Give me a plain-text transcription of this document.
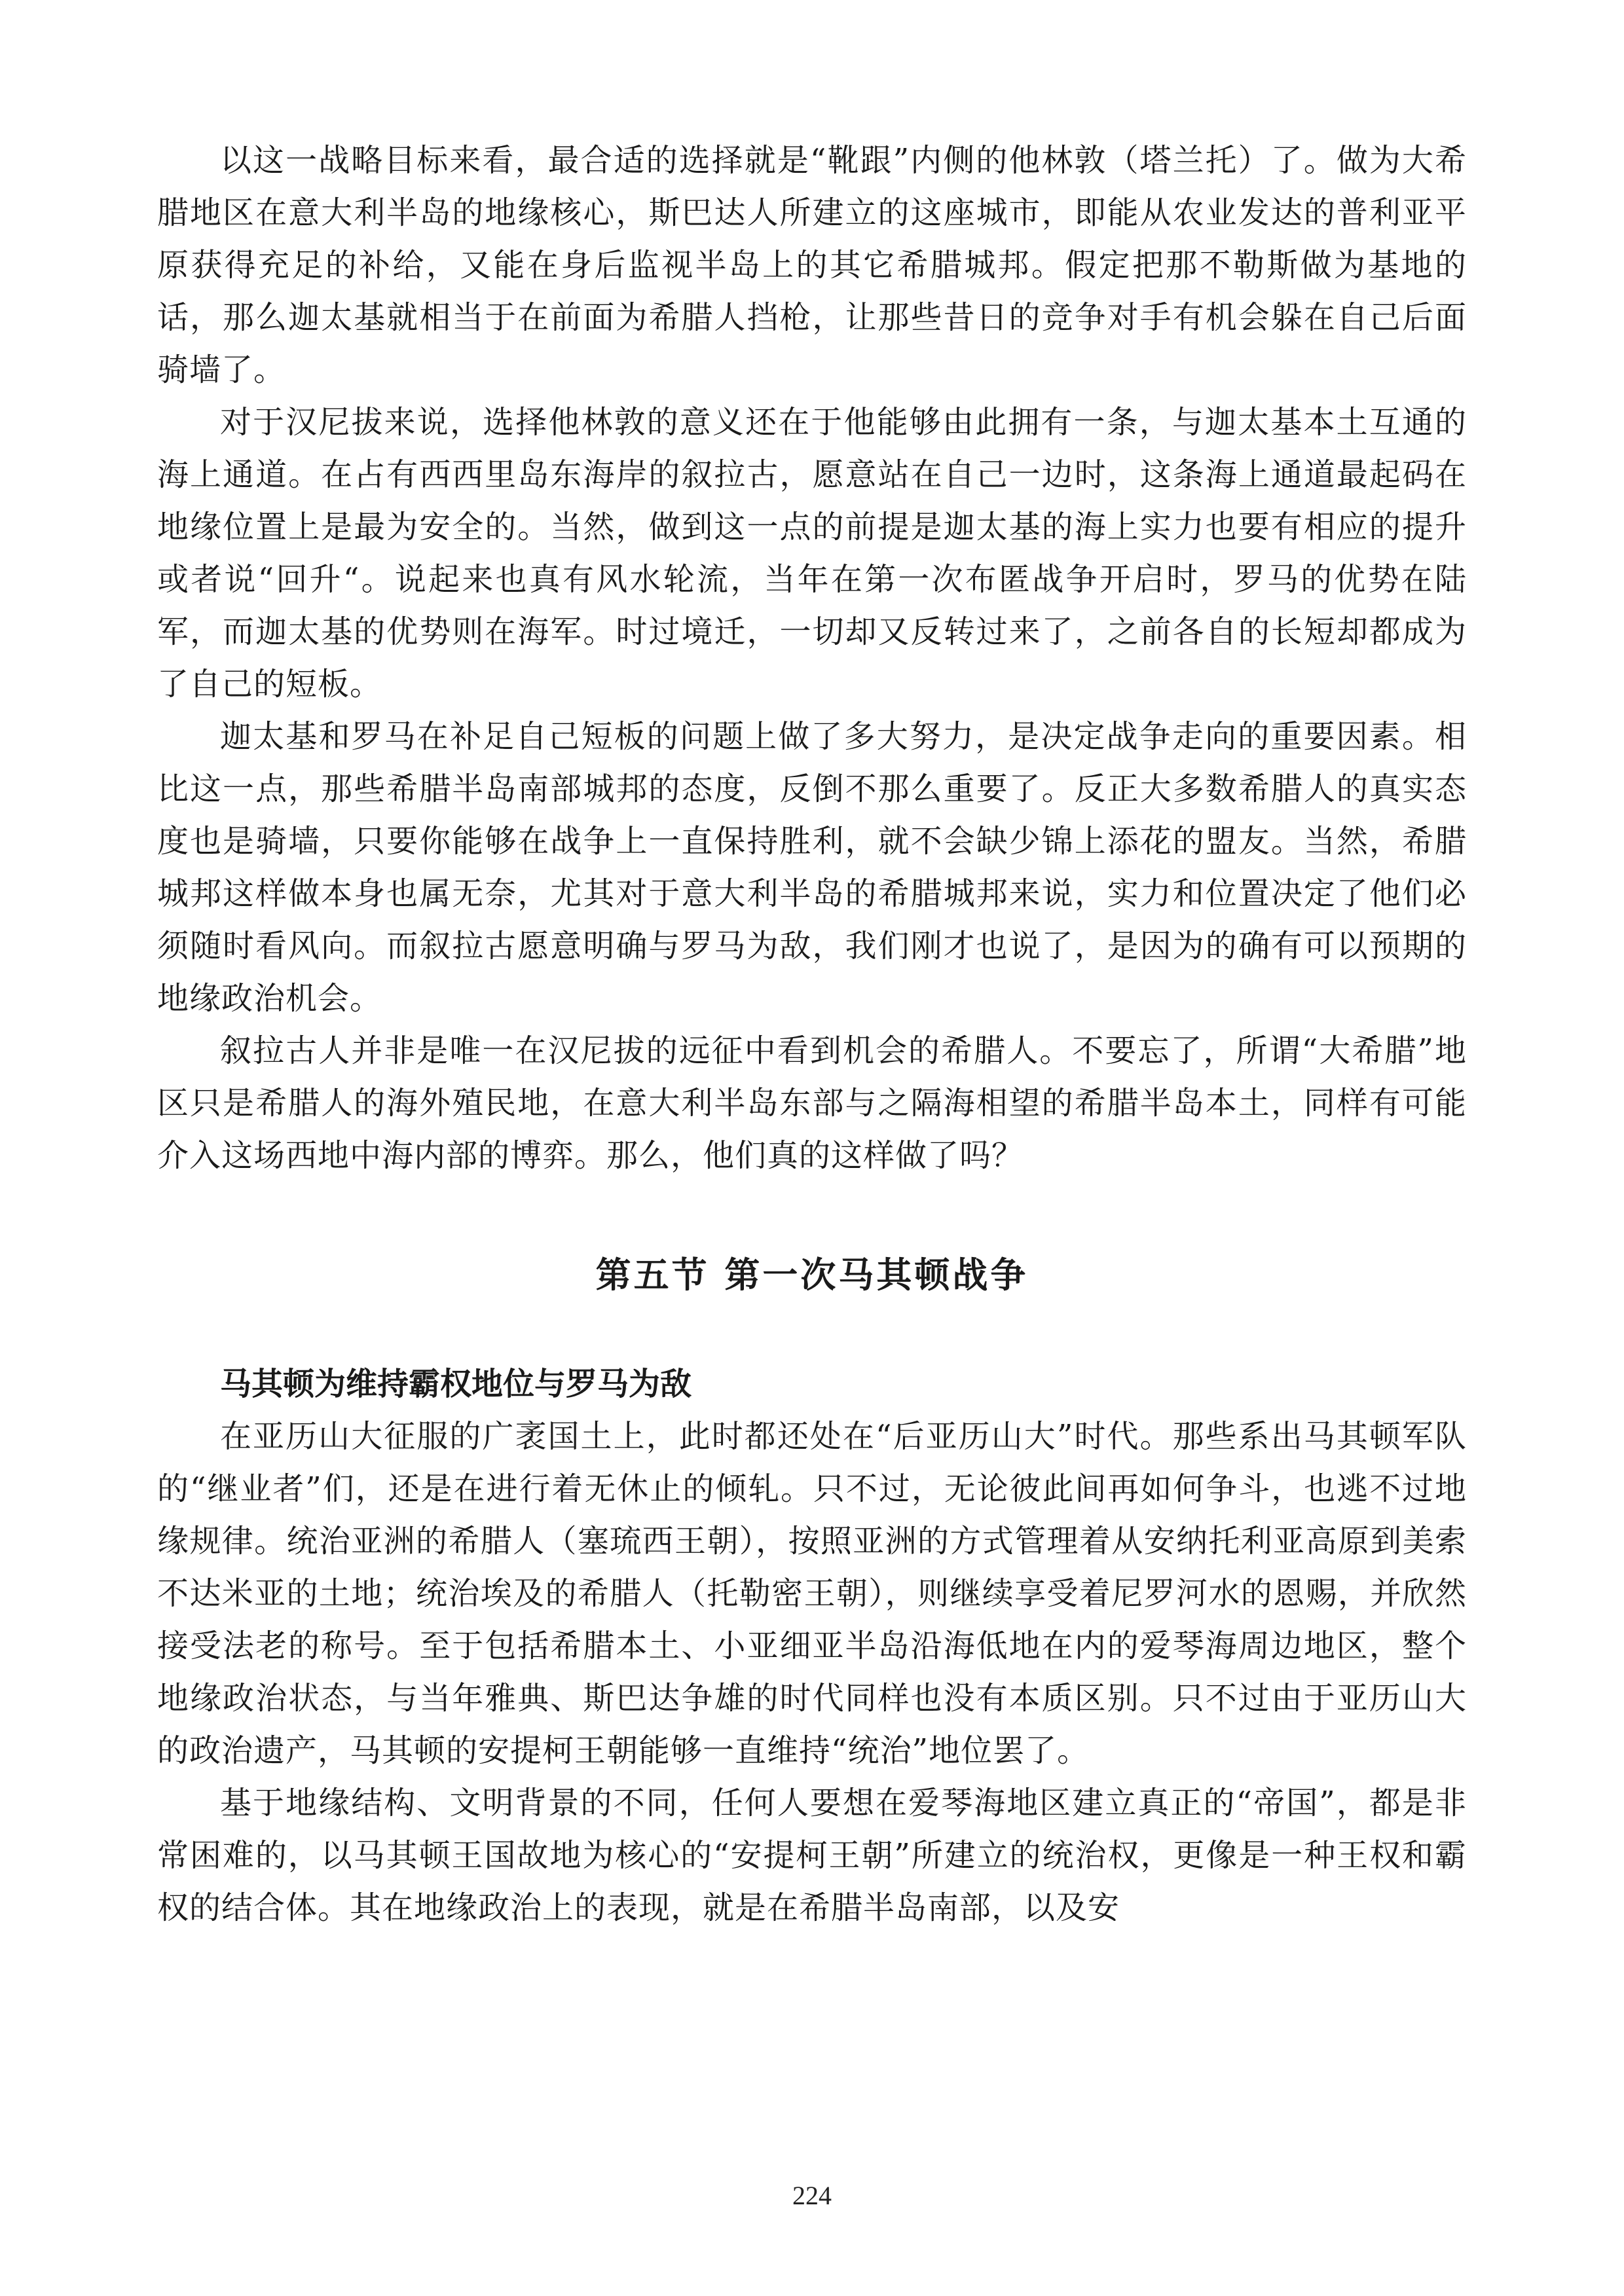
以这一战略目标来看，最合适的选择就是“靴跟”内侧的他林敦（塔兰托）了。做为大希腊地区在意大利半岛的地缘核心，斯巴达人所建立的这座城市，即能从农业发达的普利亚平原获得充足的补给，又能在身后监视半岛上的其它希腊城邦。假定把那不勒斯做为基地的话，那么迦太基就相当于在前面为希腊人挡枪，让那些昔日的竞争对手有机会躲在自己后面骑墙了。

对于汉尼拔来说，选择他林敦的意义还在于他能够由此拥有一条，与迦太基本土互通的海上通道。在占有西西里岛东海岸的叙拉古，愿意站在自己一边时，这条海上通道最起码在地缘位置上是最为安全的。当然，做到这一点的前提是迦太基的海上实力也要有相应的提升或者说“回升“。说起来也真有风水轮流，当年在第一次布匿战争开启时，罗马的优势在陆军，而迦太基的优势则在海军。时过境迁，一切却又反转过来了，之前各自的长短却都成为了自己的短板。

迦太基和罗马在补足自己短板的问题上做了多大努力，是决定战争走向的重要因素。相比这一点，那些希腊半岛南部城邦的态度，反倒不那么重要了。反正大多数希腊人的真实态度也是骑墙，只要你能够在战争上一直保持胜利，就不会缺少锦上添花的盟友。当然，希腊城邦这样做本身也属无奈，尤其对于意大利半岛的希腊城邦来说，实力和位置决定了他们必须随时看风向。而叙拉古愿意明确与罗马为敌，我们刚才也说了，是因为的确有可以预期的地缘政治机会。

叙拉古人并非是唯一在汉尼拔的远征中看到机会的希腊人。不要忘了，所谓“大希腊”地区只是希腊人的海外殖民地，在意大利半岛东部与之隔海相望的希腊半岛本土，同样有可能介入这场西地中海内部的博弈。那么，他们真的这样做了吗？

第五节 第一次马其顿战争
马其顿为维持霸权地位与罗马为敌

在亚历山大征服的广袤国土上，此时都还处在“后亚历山大”时代。那些系出马其顿军队的“继业者”们，还是在进行着无休止的倾轧。只不过，无论彼此间再如何争斗，也逃不过地缘规律。统治亚洲的希腊人（塞琉西王朝），按照亚洲的方式管理着从安纳托利亚高原到美索不达米亚的土地；统治埃及的希腊人（托勒密王朝），则继续享受着尼罗河水的恩赐，并欣然接受法老的称号。至于包括希腊本土、小亚细亚半岛沿海低地在内的爱琴海周边地区，整个地缘政治状态，与当年雅典、斯巴达争雄的时代同样也没有本质区别。只不过由于亚历山大的政治遗产，马其顿的安提柯王朝能够一直维持“统治”地位罢了。

基于地缘结构、文明背景的不同，任何人要想在爱琴海地区建立真正的“帝国”，都是非常困难的，以马其顿王国故地为核心的“安提柯王朝”所建立的统治权，更像是一种王权和霸权的结合体。其在地缘政治上的表现，就是在希腊半岛南部，以及安

224
